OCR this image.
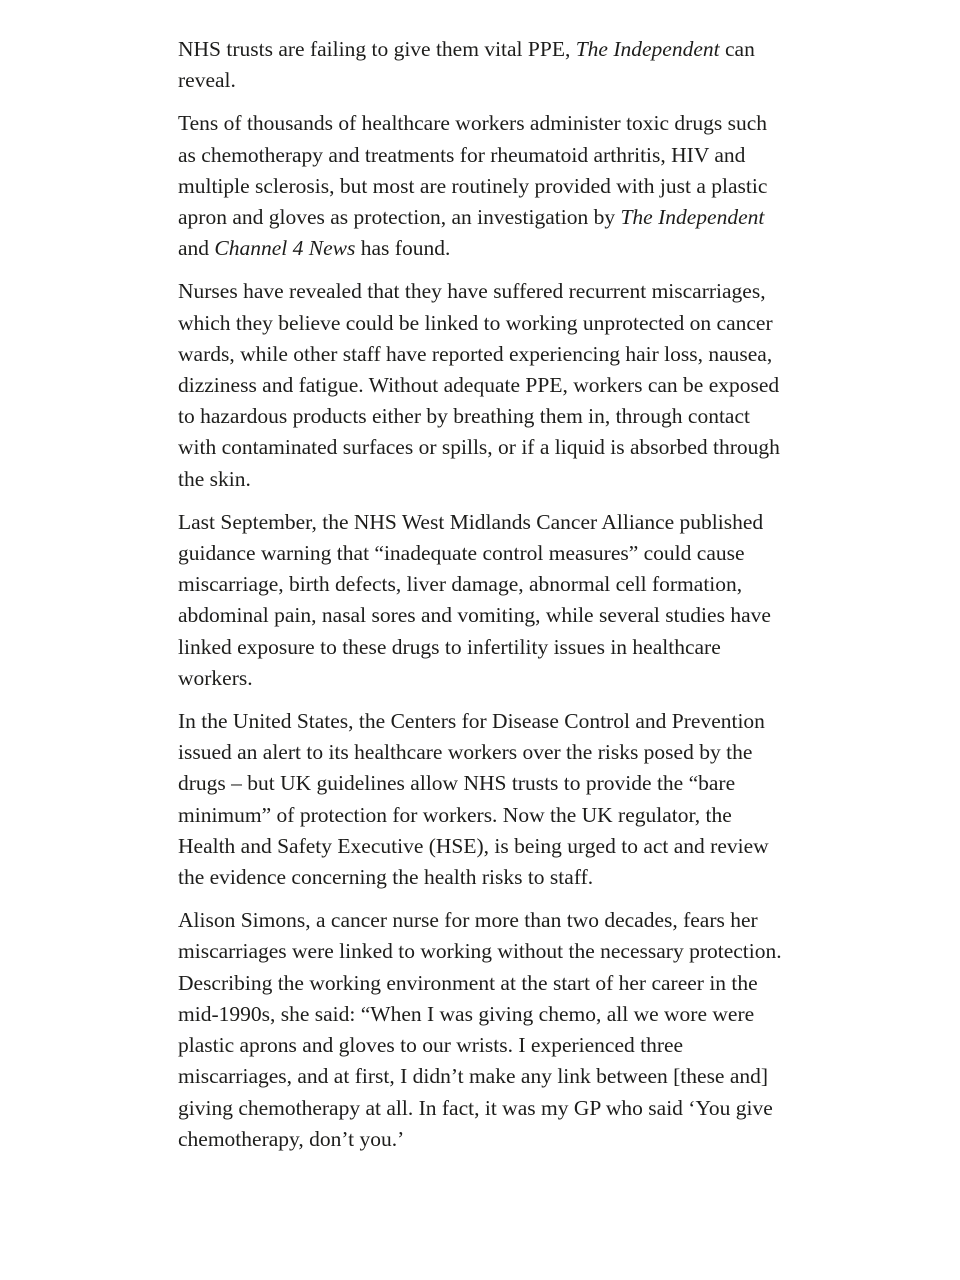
NHS trusts are failing to give them vital PPE, The Independent can reveal.

Tens of thousands of healthcare workers administer toxic drugs such as chemotherapy and treatments for rheumatoid arthritis, HIV and multiple sclerosis, but most are routinely provided with just a plastic apron and gloves as protection, an investigation by The Independent and Channel 4 News has found.

Nurses have revealed that they have suffered recurrent miscarriages, which they believe could be linked to working unprotected on cancer wards, while other staff have reported experiencing hair loss, nausea, dizziness and fatigue. Without adequate PPE, workers can be exposed to hazardous products either by breathing them in, through contact with contaminated surfaces or spills, or if a liquid is absorbed through the skin.

Last September, the NHS West Midlands Cancer Alliance published guidance warning that “inadequate control measures” could cause miscarriage, birth defects, liver damage, abnormal cell formation, abdominal pain, nasal sores and vomiting, while several studies have linked exposure to these drugs to infertility issues in healthcare workers.

In the United States, the Centers for Disease Control and Prevention issued an alert to its healthcare workers over the risks posed by the drugs – but UK guidelines allow NHS trusts to provide the “bare minimum” of protection for workers. Now the UK regulator, the Health and Safety Executive (HSE), is being urged to act and review the evidence concerning the health risks to staff.

Alison Simons, a cancer nurse for more than two decades, fears her miscarriages were linked to working without the necessary protection. Describing the working environment at the start of her career in the mid-1990s, she said: “When I was giving chemo, all we wore were plastic aprons and gloves to our wrists. I experienced three miscarriages, and at first, I didn’t make any link between [these and] giving chemotherapy at all. In fact, it was my GP who said ‘You give chemotherapy, don’t you.’
